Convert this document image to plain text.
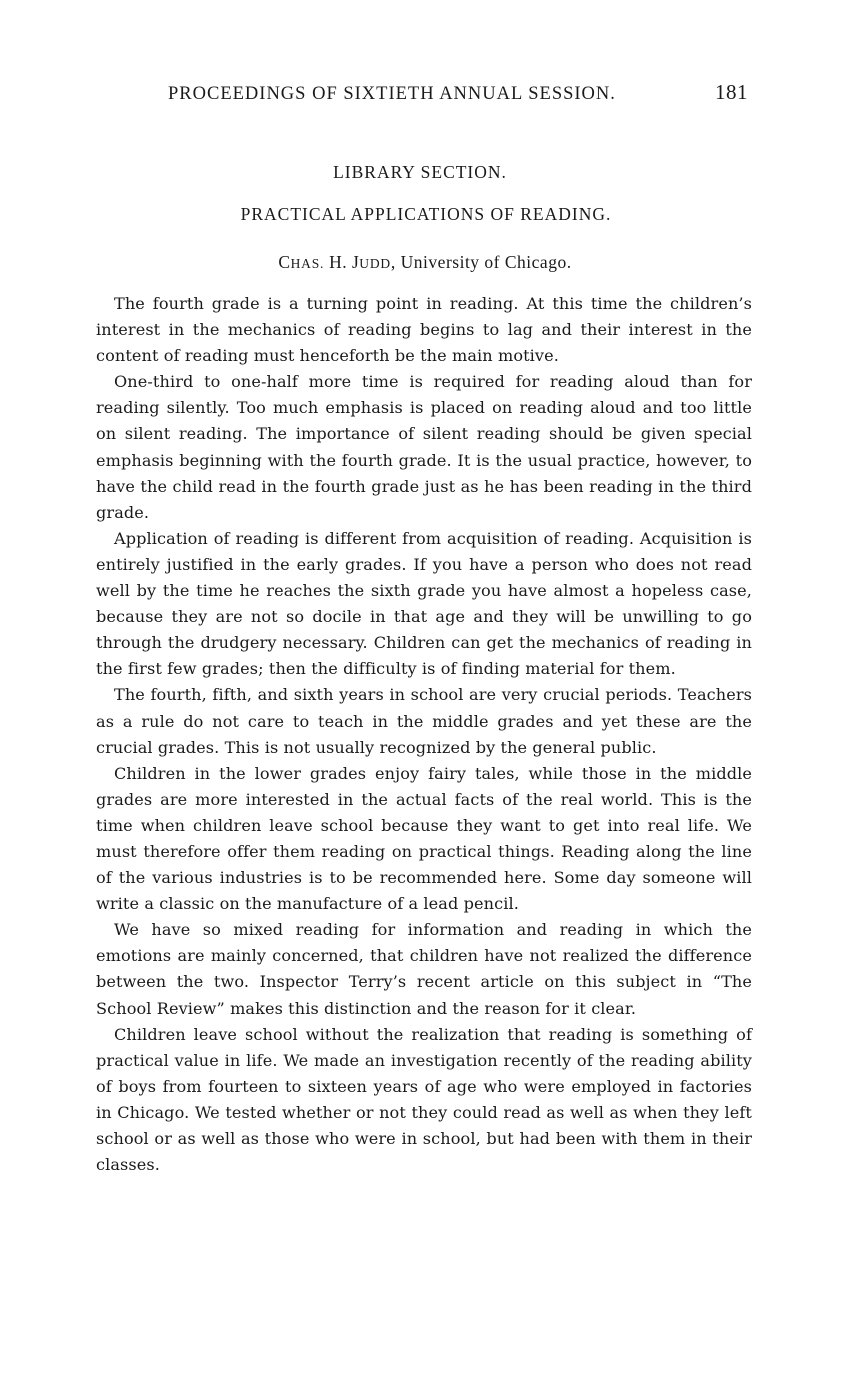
PROCEEDINGS OF SIXTIETH ANNUAL SESSION.	181
LIBRARY SECTION.
PRACTICAL APPLICATIONS OF READING.
CHAS. H. JUDD, University of Chicago.

The fourth grade is a turning point in reading. At this time the children’s interest in the mechanics of reading begins to lag and their interest in the content of reading must henceforth be the main motive.

One-third to one-half more time is required for reading aloud than for reading silently. Too much emphasis is placed on reading aloud and too little on silent reading. The importance of silent reading should be given special emphasis beginning with the fourth grade. It is the usual practice, however, to have the child read in the fourth grade just as he has been reading in the third grade.

Application of reading is different from acquisition of reading. Acquisition is entirely justified in the early grades. If you have a person who does not read well by the time he reaches the sixth grade you have almost a hopeless case, because they are not so docile in that age and they will be unwilling to go through the drudgery necessary. Children can get the mechanics of reading in the first few grades; then the difficulty is of finding material for them.

The fourth, fifth, and sixth years in school are very crucial periods. Teachers as a rule do not care to teach in the middle grades and yet these are the crucial grades. This is not usually recognized by the general public.

Children in the lower grades enjoy fairy tales, while those in the middle grades are more interested in the actual facts of the real world. This is the time when children leave school because they want to get into real life. We must therefore offer them reading on practical things. Reading along the line of the various industries is to be recommended here. Some day someone will write a classic on the manufacture of a lead pencil.

We have so mixed reading for information and reading in which the emotions are mainly concerned, that children have not realized the difference between the two. Inspector Terry’s recent article on this subject in “The School Review” makes this distinction and the reason for it clear.

Children leave school without the realization that reading is something of practical value in life. We made an investigation recently of the reading ability of boys from fourteen to sixteen years of age who were employed in factories in Chicago. We tested whether or not they could read as well as when they left school or as well as those who were in school, but had been with them in their classes.
